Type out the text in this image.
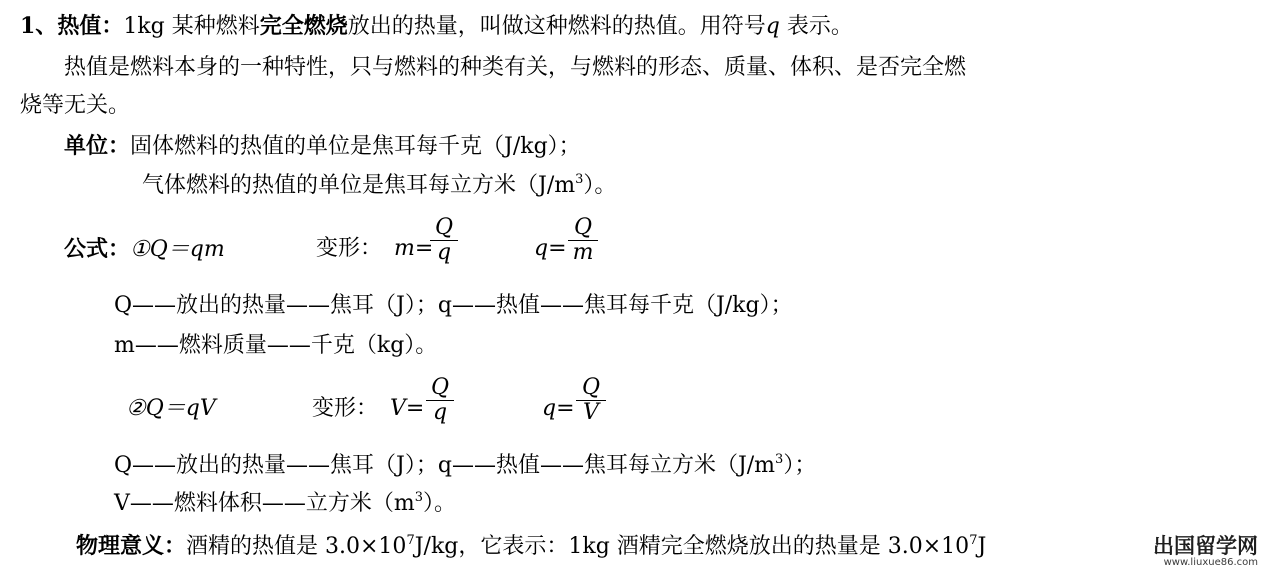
1、热值：1kg 某种燃料完全燃烧放出的热量，叫做这种燃料的热值。用符号q 表示。
热值是燃料本身的一种特性，只与燃料的种类有关，与燃料的形态、质量、体积、是否完全燃
烧等无关。
单位：固体燃料的热值的单位是焦耳每千克（J/kg）；
气体燃料的热值的单位是焦耳每立方米$(J/m^3)$。
公式：①Q＝qm	变形： m=
Q
q	q=
Q
m
Q——放出的热量——焦耳（J）；q——热值——焦耳每千克（J/kg）；
m——燃料质量——千克（kg）。
②Q＝qV	变形： V=
Q
q	q=
Q
V
Q——放出的热量——焦耳（J）；q——热值——焦耳每立方米$(J/m^3)$；
V——燃料体积——立方米$(m^3)$。
物理意义：酒精的热值是 $3.0\times 10^7J/kg$，它表示：1kg 酒精完全燃烧放出的热量是 $3.0\times 10^7J$	出国留学网
www.liuxue86.com
